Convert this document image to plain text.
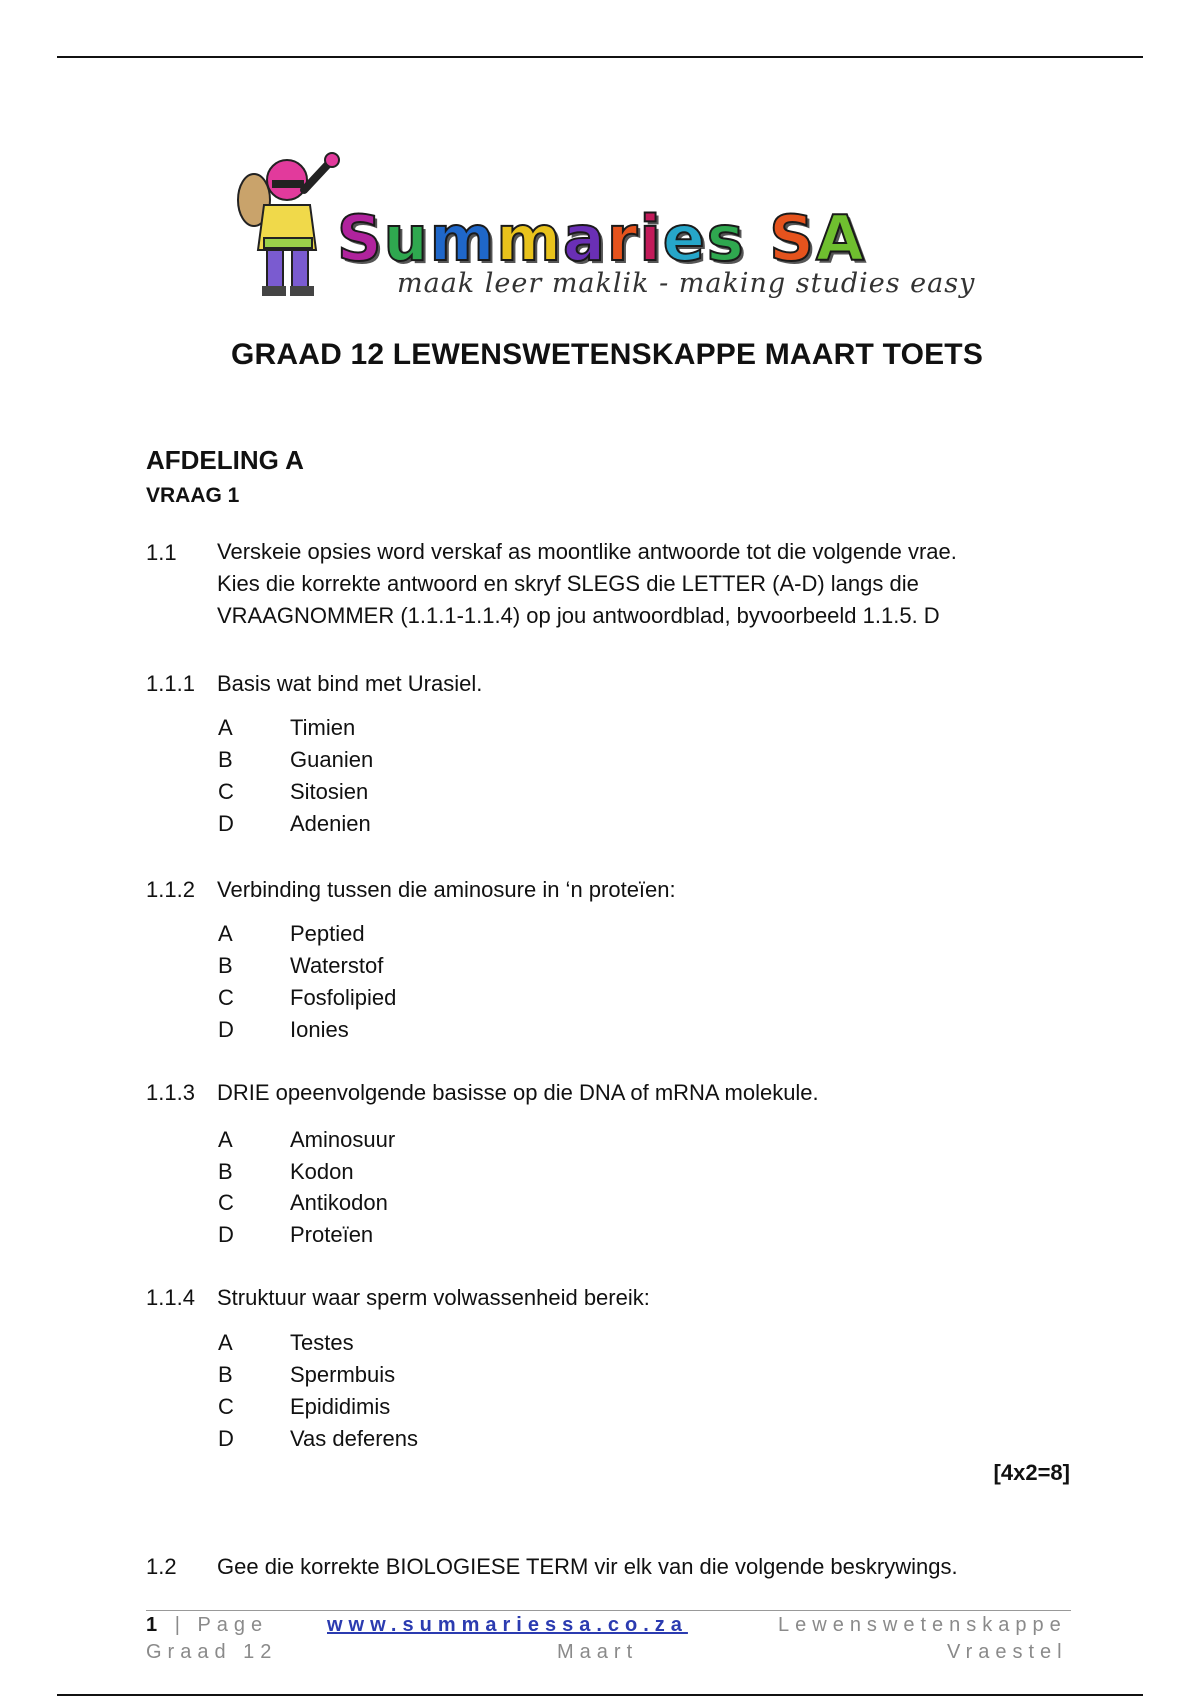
Summaries SA
maak leer maklik - making studies easy
GRAAD 12 LEWENSWETENSKAPPE MAART TOETS
AFDELING A
VRAAG 1
1.1 Verskeie opsies word verskaf as moontlike antwoorde tot die volgende vrae.
Kies die korrekte antwoord en skryf SLEGS die LETTER (A-D) langs die
VRAAGNOMMER (1.1.1-1.1.4) op jou antwoordblad, byvoorbeeld 1.1.5. D
1.1.1 Basis wat bind met Urasiel.
A	Timien
B	Guanien
C	Sitosien
D	Adenien
1.1.2 Verbinding tussen die aminosure in ‘n proteïen:
A	Peptied
B	Waterstof
C	Fosfolipied
D	Ionies
1.1.3 DRIE opeenvolgende basisse op die DNA of mRNA molekule.
A	Aminosuur
B	Kodon
C	Antikodon
D	Proteïen
1.1.4 Struktuur waar sperm volwassenheid bereik:
A	Testes
B	Spermbuis
C	Epididimis
D	Vas deferens
[4x2=8]
1.2 Gee die korrekte BIOLOGIESE TERM vir elk van die volgende beskrywings.
1 | Page	www.summariessa.co.za	Lewenswetenskappe
Graad 12	Maart	Vraestel
